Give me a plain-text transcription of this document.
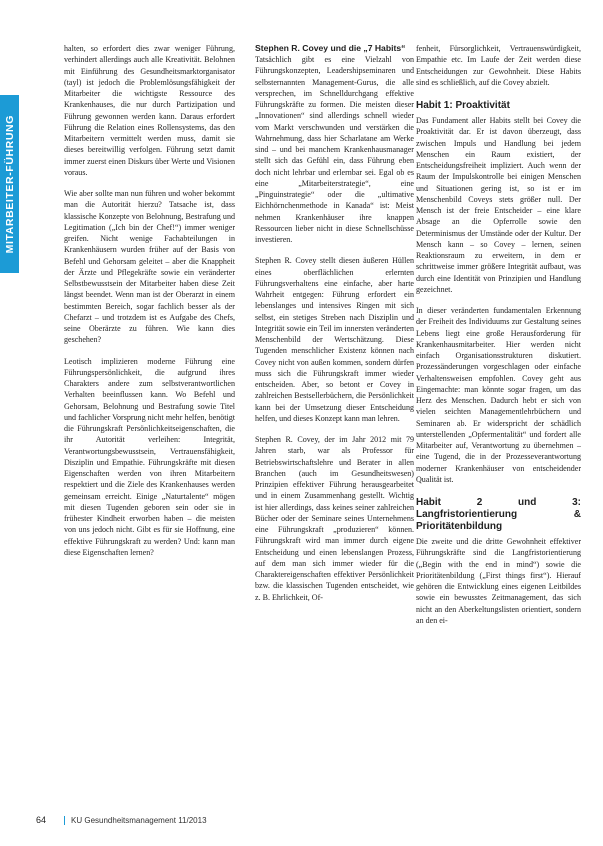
MITARBEITER-FÜHRUNG

halten, so erfordert dies zwar weniger Führung, verhindert allerdings auch alle Kreativität. Belohnen mit Einführung des Gesundheitsmarktorganisator (tayl) ist jedoch die Problemlösungsfähigkeit der Mitarbeiter die wichtigste Ressource des Krankenhauses, die nur durch Partizipation und Führung gewonnen werden kann. Daraus erfordert Führung die Relation eines Rollensystems, das den Mitarbeitern vermittelt werden muss, damit sie dieses bereitwillig verfolgen. Führung setzt damit immer zuerst einen Diskurs über Werte und Visionen voraus.

Wie aber sollte man nun führen und woher bekommt man die Autorität hierzu? Tatsache ist, dass klassische Konzepte von Belohnung, Bestrafung und Legitimation („Ich bin der Chef!“) immer weniger greifen. Nicht wenige Fachabteilungen in Krankenhäusern wurden früher auf der Basis von Befehl und Gehorsam geleitet – aber die Knappheit der Ärzte und Pflegekräfte sowie ein veränderter Selbstbewusstsein der Mitarbeiter haben diese Zeit längst beendet. Wenn man ist der Oberarzt in einem bestimmten Bereich, sogar fachlich besser als der Chefarzt – und trotzdem ist es Aufgabe des Chefs, seine Oberärzte zu führen. Wie kann dies geschehen?

Leotisch implizieren moderne Führung eine Führungspersönlichkeit, die aufgrund ihres Charakters andere zum selbstverantwortlichen Verhalten beeinflussen kann. Wo Befehl und Gehorsam, Belohnung und Bestrafung sowie Titel und fachlicher Vorsprung nicht mehr helfen, benötigt die Führungskraft Persönlichkeitseigenschaften, die ihr Autorität verleihen: Integrität, Verantwortungsbewusstsein, Vertrauensfähigkeit, Disziplin und Empathie. Führungskräfte mit diesen Eigenschaften werden von ihren Mitarbeitern respektiert und die Ziele des Krankenhauses werden gemeinsam erreicht. Einige „Naturtalente“ mögen mit diesen Tugenden geboren sein oder sie in frühester Kindheit erworben haben – die meisten von uns jedoch nicht. Gibt es für sie Hoffnung, eine effektive Führungskraft zu werden? Und: kann man diese Eigenschaften lernen?

Stephen R. Covey und die „7 Habits“

Tatsächlich gibt es eine Vielzahl von Führungskonzepten, Leadershipseminaren und selbsternannten Management-Gurus, die alle versprechen, im Schnelldurchgang effektive Führungskräfte zu formen. Die meisten dieser „Innovationen“ sind allerdings schnell wieder vom Markt verschwunden und verstärken die Wahrnehmung, dass hier Scharlatane am Werke sind – und bei manchem Krankenhausmanager stellt sich das Gefühl ein, dass Führung eben doch nicht lehrbar und erlernbar sei. Egal ob es eine „Mitarbeiterstrategie“, eine „Pinguinstrategie“ oder die „ultimative Eichhörnchenmethode in Kanada“ ist: Meist nehmen Krankenhäuser ihre knappen Ressourcen lieber nicht in diese Schnellschüsse investieren.

Stephen R. Covey stellt diesen äußeren Hüllen eines oberflächlichen erlernten Führungsverhaltens eine einfache, aber harte Wahrheit entgegen: Führung erfordert ein lebenslanges und intensives Ringen mit sich selbst, ein stetiges Streben nach Disziplin und Integrität sowie ein Teil im innersten veränderten Menschenbild der Wertschätzung. Diese Tugenden menschlicher Existenz können nach Covey nicht von außen kommen, sondern dürfen muss sich die Führungskraft immer wieder entscheiden. Aber, so betont er Covey in zahlreichen Bestsellerbüchern, die Persönlichkeit kann bei der Umsetzung dieser Entscheidung helfen, und dieses Konzept kann man lehren.

Stephen R. Covey, der im Jahr 2012 mit 79 Jahren starb, war als Professor für Betriebswirtschaftslehre und Berater in allen Branchen (auch im Gesundheitswesen) Prinzipien effektiver Führung herausgearbeitet und in einem Zusammenhang gestellt. Wichtig ist hier allerdings, dass keines seiner zahlreichen Bücher oder der Seminare seines Unternehmens eine Führungskraft „produzieren“ können. Führungskraft wird man immer durch eigene Entscheidung und einen lebenslangen Prozess, auf dem man sich immer wieder für die Charaktereigenschaften effektiver Persönlichkeit bzw. die klassischen Tugenden entscheidet, wie z. B. Ehrlichkeit, Of-

fenheit, Fürsorglichkeit, Vertrauenswürdigkeit, Empathie etc. Im Laufe der Zeit werden diese Entscheidungen zur Gewohnheit. Diese Habits sind es schließlich, auf die Covey abzielt.

Habit 1: Proaktivität

Das Fundament aller Habits stellt bei Covey die Proaktivität dar. Er ist davon überzeugt, dass zwischen Impuls und Handlung bei jedem Menschen ein Raum existiert, der Entscheidungsfreiheit impliziert. Auch wenn der Raum der Impulskontrolle bei einigen Menschen und Situationen gering ist, so ist er im Menschenbild Coveys stets größer null. Der Mensch ist der freie Entscheider – eine klare Absage an die Opferrolle sowie den Determinismus der Umstände oder der Kultur. Der Mensch kann – so Covey – lernen, seinen Reaktionsraum zu erweitern, in dem er schrittweise immer größere Integrität aufbaut, was durch eine Identität von Prinzipien und Handlung gezeichnet.

In dieser veränderten fundamentalen Erkennung der Freiheit des Individuums zur Gestaltung seines Lebens liegt eine große Herausforderung für Krankenhausmitarbeiter. Hier werden nicht einfach Organisationsstrukturen diskutiert. Prozessänderungen vorgeschlagen oder einfache Verhaltensweisen empfohlen. Covey geht aus Eingemachte: man könnte sogar fragen, um das Herz des Menschen. Dadurch hebt er sich von vielen seichten Managementlehrbüchern und Seminaren ab. Er widerspricht der schädlich unterstellenden „Opfermentalität“ und fordert alle Mitarbeiter auf, Verantwortung zu übernehmen – eine Tugend, die in der Prozesseverantwortung moderner Krankenhäuser von entscheidender Qualität ist.

Habit 2 und 3: Langfristorientierung & Prioritätenbildung

Die zweite und die dritte Gewohnheit effektiver Führungskräfte sind die Langfristorientierung („Begin with the end in mind“) sowie die Prioritätenbildung („First things first“). Hierauf gehören die Entwicklung eines eigenen Leitbildes sowie ein bewusstes Zeitmanagement, das sich nicht an den Aberkeltungslisten orientiert, sondern an den ei-

64	KU Gesundheitsmanagement 11/2013
